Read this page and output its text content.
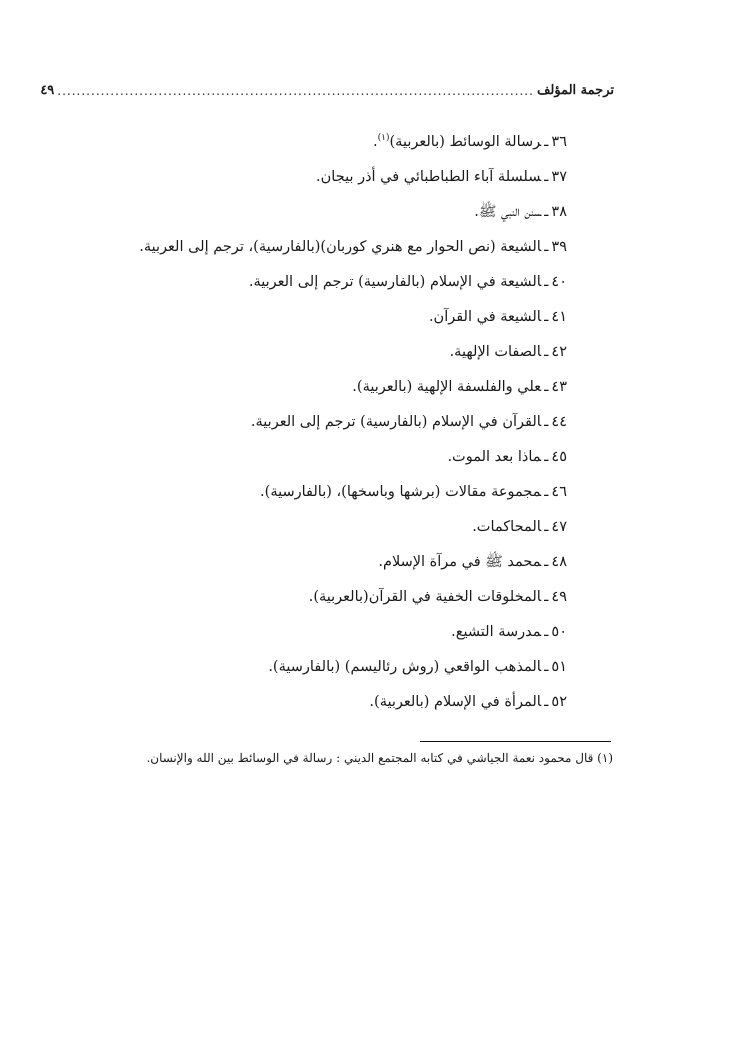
ترجمة المؤلف
...................................................................................................
٤٩
٣٦ـرسالة الوسائط (بالعربية)$^{(١)}$.
٣٧ـسلسلة آباء الطباطبائي في أذر بيجان.
٣٨ـسنن النبي ﷺ.
٣٩ـالشيعة (نص الحوار مع هنري كوربان)(بالفارسية)، ترجم إلى العربية.
٤٠ـالشيعة في الإسلام (بالفارسية) ترجم إلى العربية.
٤١ـالشيعة في القرآن.
٤٢ـالصفات الإلهية.
٤٣ـعلي والفلسفة الإلهية (بالعربية).
٤٤ـالقرآن في الإسلام (بالفارسية) ترجم إلى العربية.
٤٥ـماذا بعد الموت.
٤٦ـمجموعة مقالات (برشها وباسخها)، (بالفارسية).
٤٧ـالمحاكمات.
٤٨ـمحمد ﷺ في مرآة الإسلام.
٤٩ـالمخلوقات الخفية في القرآن(بالعربية).
٥٠ـمدرسة التشيع.
٥١ـالمذهب الواقعي (روش رئاليسم) (بالفارسية).
٥٢ـالمرأة في الإسلام (بالعربية).
(١) قال محمود نعمة الجياشي في كتابه المجتمع الديني : رسالة في الوسائط بين الله والإنسان.
